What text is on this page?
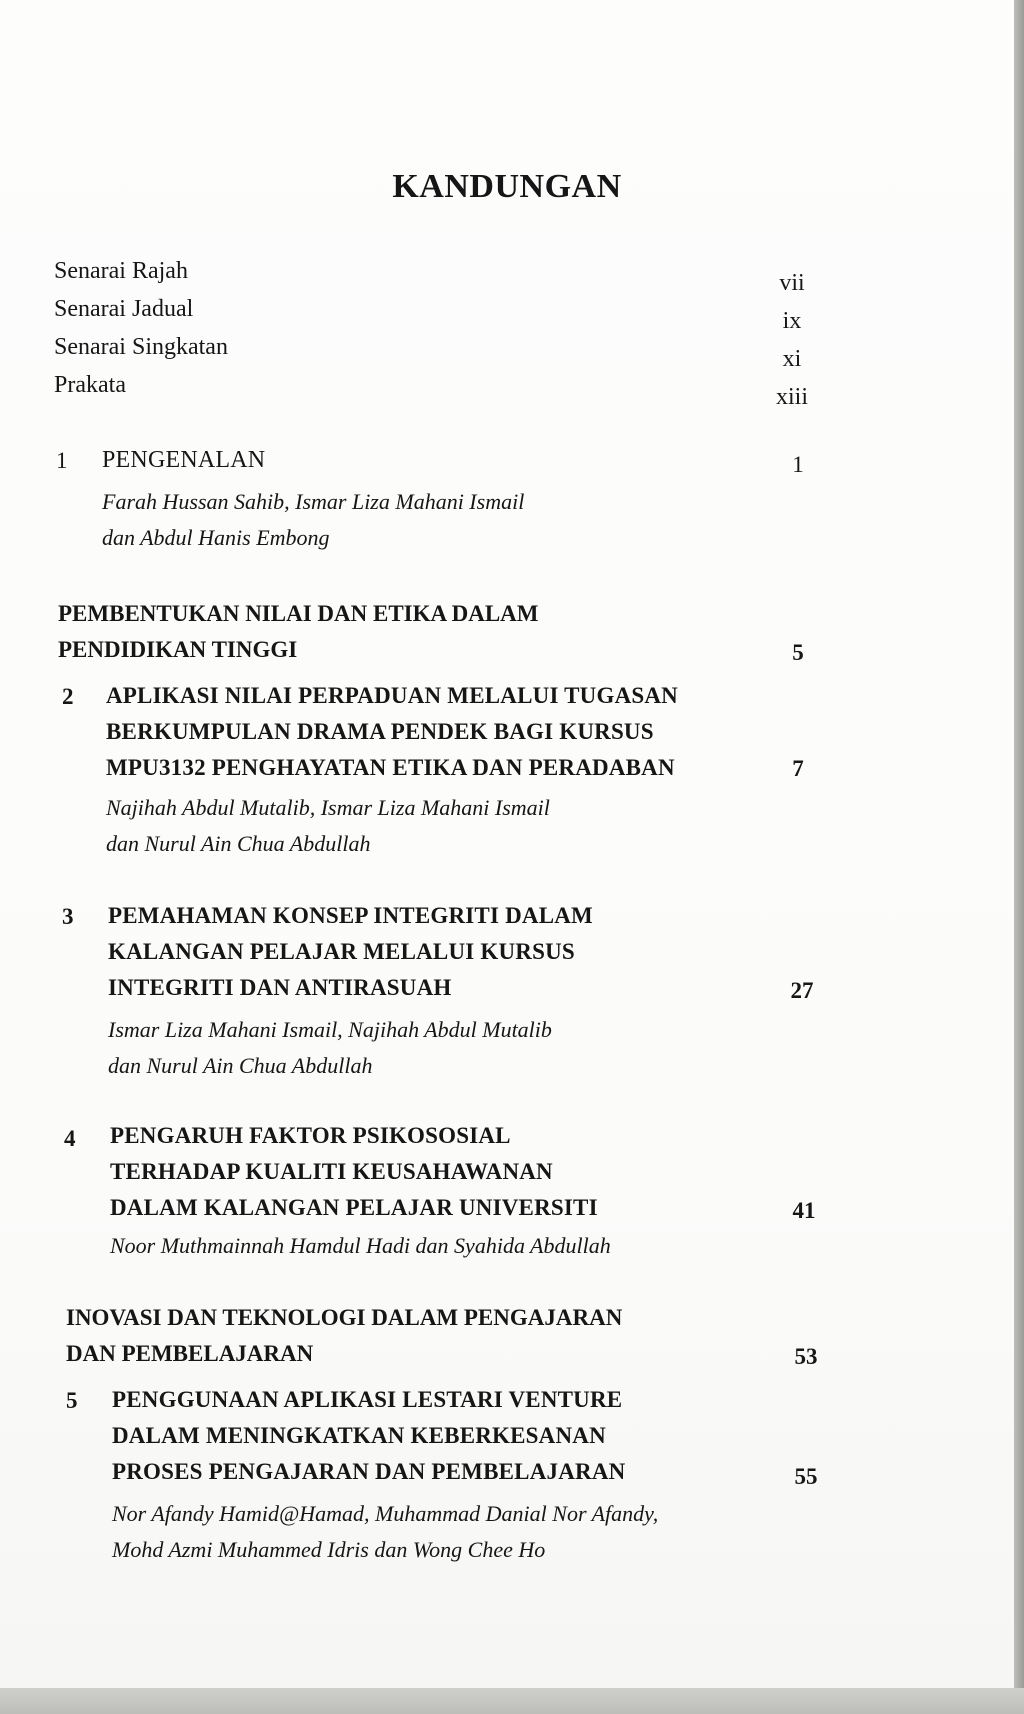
KANDUNGAN
Senarai Rajah	vii
Senarai Jadual	ix
Senarai Singkatan	xi
Prakata	xiii
1 PENGENALAN	1
Farah Hussan Sahib, Ismar Liza Mahani Ismail
dan Abdul Hanis Embong
PEMBENTUKAN NILAI DAN ETIKA DALAM
PENDIDIKAN TINGGI	5
2 APLIKASI NILAI PERPADUAN MELALUI TUGASAN
BERKUMPULAN DRAMA PENDEK BAGI KURSUS
MPU3132 PENGHAYATAN ETIKA DAN PERADABAN	7
Najihah Abdul Mutalib, Ismar Liza Mahani Ismail
dan Nurul Ain Chua Abdullah
3 PEMAHAMAN KONSEP INTEGRITI DALAM
KALANGAN PELAJAR MELALUI KURSUS
INTEGRITI DAN ANTIRASUAH	27
Ismar Liza Mahani Ismail, Najihah Abdul Mutalib
dan Nurul Ain Chua Abdullah
4 PENGARUH FAKTOR PSIKOSOSIAL
TERHADAP KUALITI KEUSAHAWANAN
DALAM KALANGAN PELAJAR UNIVERSITI	41
Noor Muthmainnah Hamdul Hadi dan Syahida Abdullah
INOVASI DAN TEKNOLOGI DALAM PENGAJARAN
DAN PEMBELAJARAN	53
5 PENGGUNAAN APLIKASI LESTARI VENTURE
DALAM MENINGKATKAN KEBERKESANAN
PROSES PENGAJARAN DAN PEMBELAJARAN	55
Nor Afandy Hamid@Hamad, Muhammad Danial Nor Afandy,
Mohd Azmi Muhammed Idris dan Wong Chee Ho
